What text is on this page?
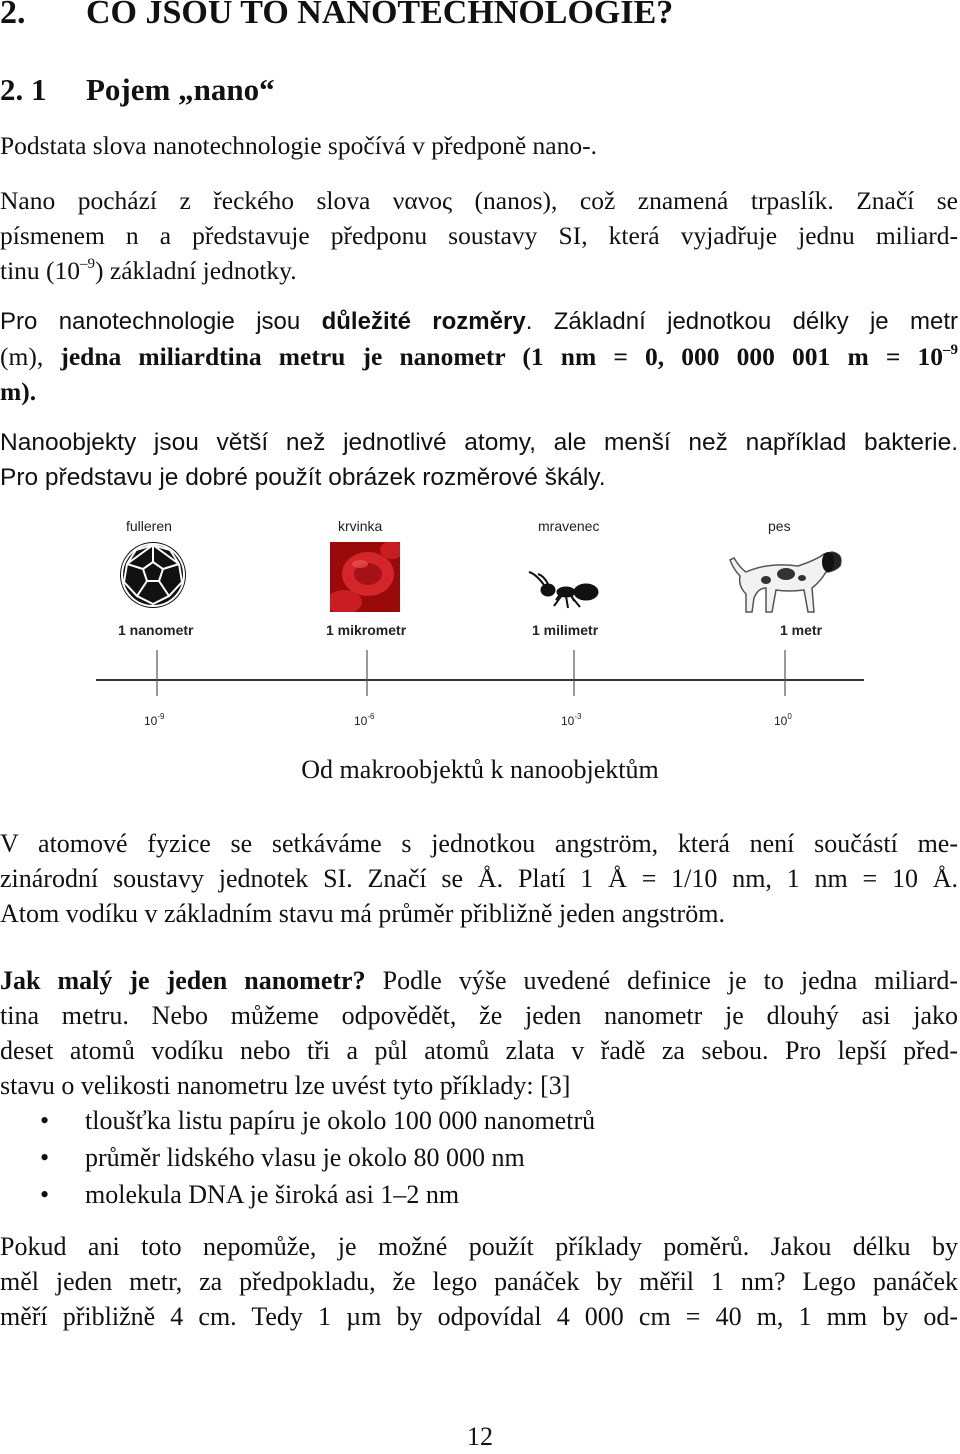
2. CO JSOU TO NANOTECHNOLOGIE?
2. 1 Pojem „nano“

Podstata slova nanotechnologie spočívá v předponě nano-.

Nano pochází z řeckého slova νανος (nanos), což znamená trpaslík. Značí se
písmenem n a představuje předponu soustavy SI, která vyjadřuje jednu miliard-
tinu $(10^{-9})$ základní jednotky.
Pro nanotechnologie jsou důležité rozměry. Základní jednotkou délky je metr
(m), jedna miliardtina metru je nanometr (1 nm = 0, 000 000 001 $m = 10^{-9}$
m).
Nanoobjekty jsou větší než jednotlivé atomy, ale menší než například bakterie.
Pro představu je dobré použít obrázek rozměrové škály.
fulleren	krvinka	mravenec	pes
1 nanometr	1 mikrometr	1 milimetr	1 metr
$10^{-9}$	$10^{-6}$	$10^{-3}$	$10^0$
Od makroobjektů k nanoobjektům
V atomové fyzice se setkáváme s jednotkou angström, která není součástí me-
zinárodní soustavy jednotek SI. Značí se Å. Platí 1 Å = 1/10 nm, 1 nm = 10 Å.
Atom vodíku v základním stavu má průměr přibližně jeden angström.
Jak malý je jeden nanometr? Podle výše uvedené definice je to jedna miliard-
tina metru. Nebo můžeme odpovědět, že jeden nanometr je dlouhý asi jako
deset atomů vodíku nebo tři a půl atomů zlata v řadě za sebou. Pro lepší před-
stavu o velikosti nanometru lze uvést tyto příklady: [3]
• tloušťka listu papíru je okolo 100 000 nanometrů
• průměr lidského vlasu je okolo 80 000 nm
• molekula DNA je široká asi 1–2 nm
Pokud ani toto nepomůže, je možné použít příklady poměrů. Jakou délku by
měl jeden metr, za předpokladu, že lego panáček by měřil 1 nm? Lego panáček
měří přibližně 4 cm. Tedy 1 µm by odpovídal 4 000 cm = 40 m, 1 mm by od-
12
